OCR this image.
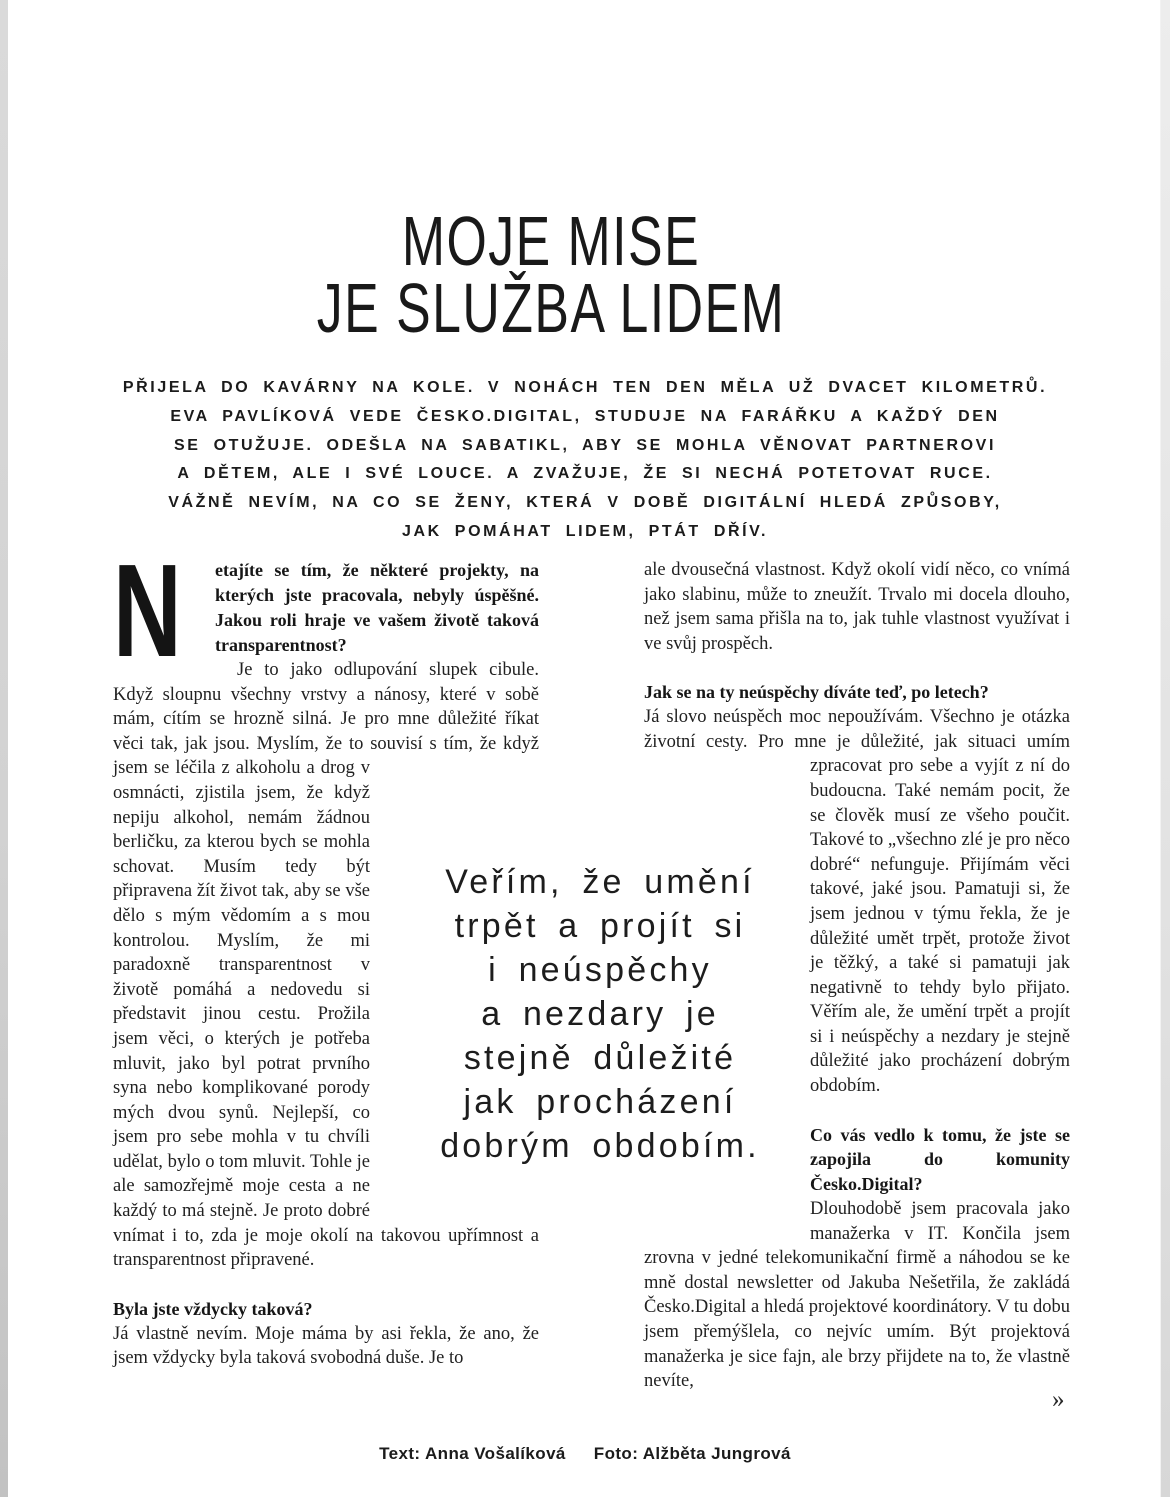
MOJE MISE
JE SLUŽBA LIDEM
PŘIJELA DO KAVÁRNY NA KOLE. V NOHÁCH TEN DEN MĚLA UŽ DVACET KILOMETRŮ.
EVA PAVLÍKOVÁ VEDE ČESKO.DIGITAL, STUDUJE NA FARÁŘKU A KAŽDÝ DEN
SE OTUŽUJE. ODEŠLA NA SABATIKL, ABY SE MOHLA VĚNOVAT PARTNEROVI
A DĚTEM, ALE I SVÉ LOUCE. A ZVAŽUJE, ŽE SI NECHÁ POTETOVAT RUCE.
VÁŽNĚ NEVÍM, NA CO SE ŽENY, KTERÁ V DOBĚ DIGITÁLNÍ HLEDÁ ZPŮSOBY,
JAK POMÁHAT LIDEM, PTÁT DŘÍV.

N etajíte se tím, že některé projekty, na kterých jste pracovala, nebyly úspěšné. Jakou roli hraje ve vašem životě taková transparentnost?

Je to jako odlupování slupek cibule. Když sloupnu všechny vrstvy a nánosy, které v sobě mám, cítím se hrozně silná. Je pro mne důležité říkat věci tak, jak jsou. Myslím, že to souvisí s tím, že když jsem se léčila z alkoholu a drog v osmnácti, zjistila jsem, že když nepiju alkohol, nemám žádnou berličku, za kterou bych se mohla schovat. Musím tedy být připravena žít život tak, aby se vše dělo s mým vědomím a s mou kontrolou. Myslím, že mi paradoxně transparentnost v životě pomáhá a nedovedu si představit jinou cestu. Prožila jsem věci, o kterých je potřeba mluvit, jako byl potrat prvního syna nebo komplikované porody mých dvou synů. Nejlepší, co jsem pro sebe mohla v tu chvíli udělat, bylo o tom mluvit. Tohle je ale samozřejmě moje cesta a ne každý to má stejně. Je proto dobré vnímat i to, zda je moje okolí na takovou upřímnost a transparentnost připravené.

Byla jste vždycky taková?

Já vlastně nevím. Moje máma by asi řekla, že ano, že jsem vždycky byla taková svobodná duše. Je to

ale dvousečná vlastnost. Když okolí vidí něco, co vnímá jako slabinu, může to zneužít. Trvalo mi docela dlouho, než jsem sama přišla na to, jak tuhle vlastnost využívat i ve svůj prospěch.

Jak se na ty neúspěchy díváte teď, po letech?

Já slovo neúspěch moc nepoužívám. Všechno je otázka životní cesty. Pro mne je důležité, jak situaci umím zpracovat pro sebe a vyjít z ní do
budoucna. Také nemám pocit, že se člověk musí ze všeho poučit. Takové to „všechno zlé je pro něco dobré“ nefunguje. Přijímám věci takové, jaké jsou. Pamatuji si, že jsem jednou v týmu řekla, že je důležité umět trpět, protože život je těžký, a také si pamatuji jak negativně to tehdy bylo přijato. Věřím ale, že umění trpět a projít si i neúspěchy a nezdary je stejně důležité jako procházení dobrým obdobím.

Co vás vedlo k tomu, že jste se zapojila do komunity Česko.Digital?

Dlouhodobě jsem pracovala jako manažerka v IT. Končila jsem zrovna v jedné telekomunikační firmě a náhodou se ke mně dostal newsletter od Jakuba Nešetřila, že zakládá Česko.Digital a hledá projektové koordinátory. V tu dobu jsem přemýšlela, co nejvíc umím. Být projektová manažerka je sice fajn, ale brzy přijdete na to, že vlastně nevíte,

Veřím, že umění
trpět a projít si
i neúspěchy
a nezdary je
stejně důležité
jak procházení
dobrým obdobím.
»
Text: Anna Vošalíková Foto: Alžběta Jungrová
